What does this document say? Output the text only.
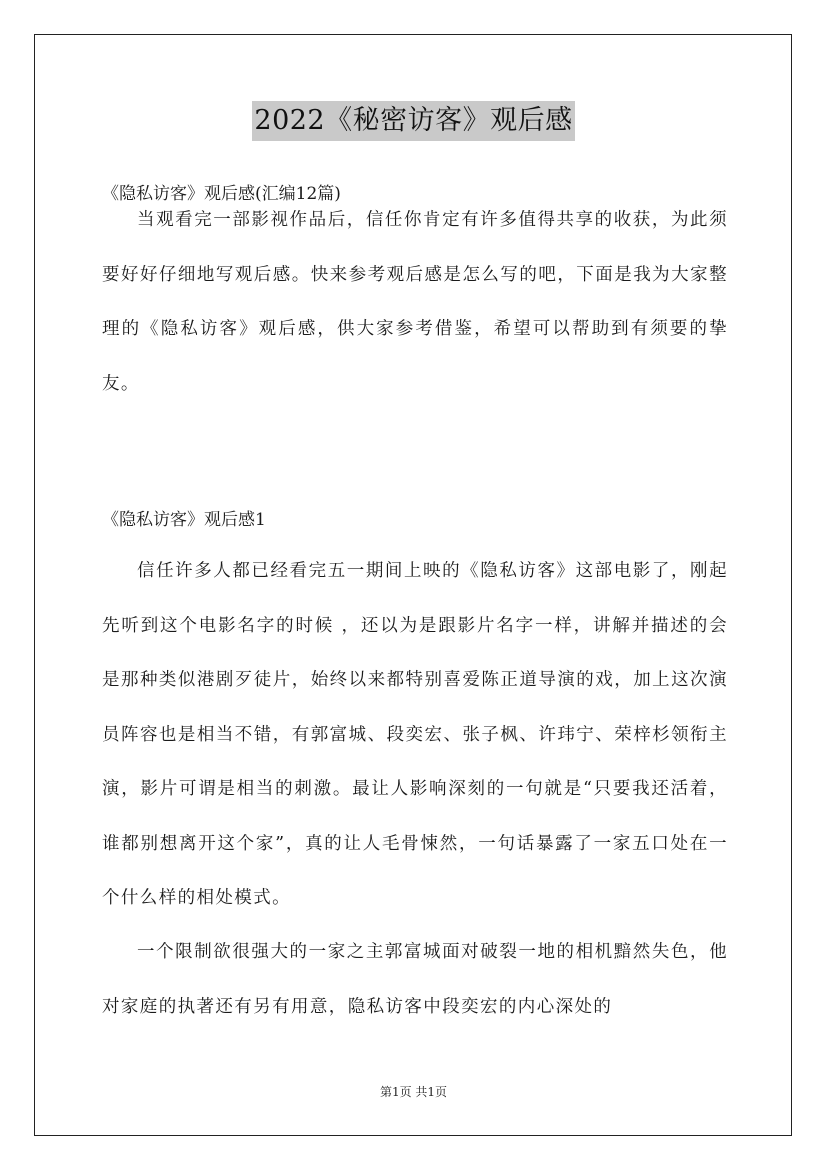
2022《秘密访客》观后感
《隐私访客》观后感(汇编12篇)

当观看完一部影视作品后，信任你肯定有许多值得共享的收获，为此须要好好仔细地写观后感。快来参考观后感是怎么写的吧，下面是我为大家整理的《隐私访客》观后感，供大家参考借鉴，希望可以帮助到有须要的挚友。

《隐私访客》观后感1

信任许多人都已经看完五一期间上映的《隐私访客》这部电影了，刚起先听到这个电影名字的时候 ，还以为是跟影片名字一样，讲解并描述的会是那种类似港剧歹徒片，始终以来都特别喜爱陈正道导演的戏，加上这次演员阵容也是相当不错，有郭富城、段奕宏、张子枫、许玮宁、荣梓杉领衔主演，影片可谓是相当的刺激。最让人影响深刻的一句就是“只要我还活着，谁都别想离开这个家”，真的让人毛骨悚然，一句话暴露了一家五口处在一个什么样的相处模式。

一个限制欲很强大的一家之主郭富城面对破裂一地的相机黯然失色，他对家庭的执著还有另有用意，隐私访客中段奕宏的内心深处的

第1页 共1页
